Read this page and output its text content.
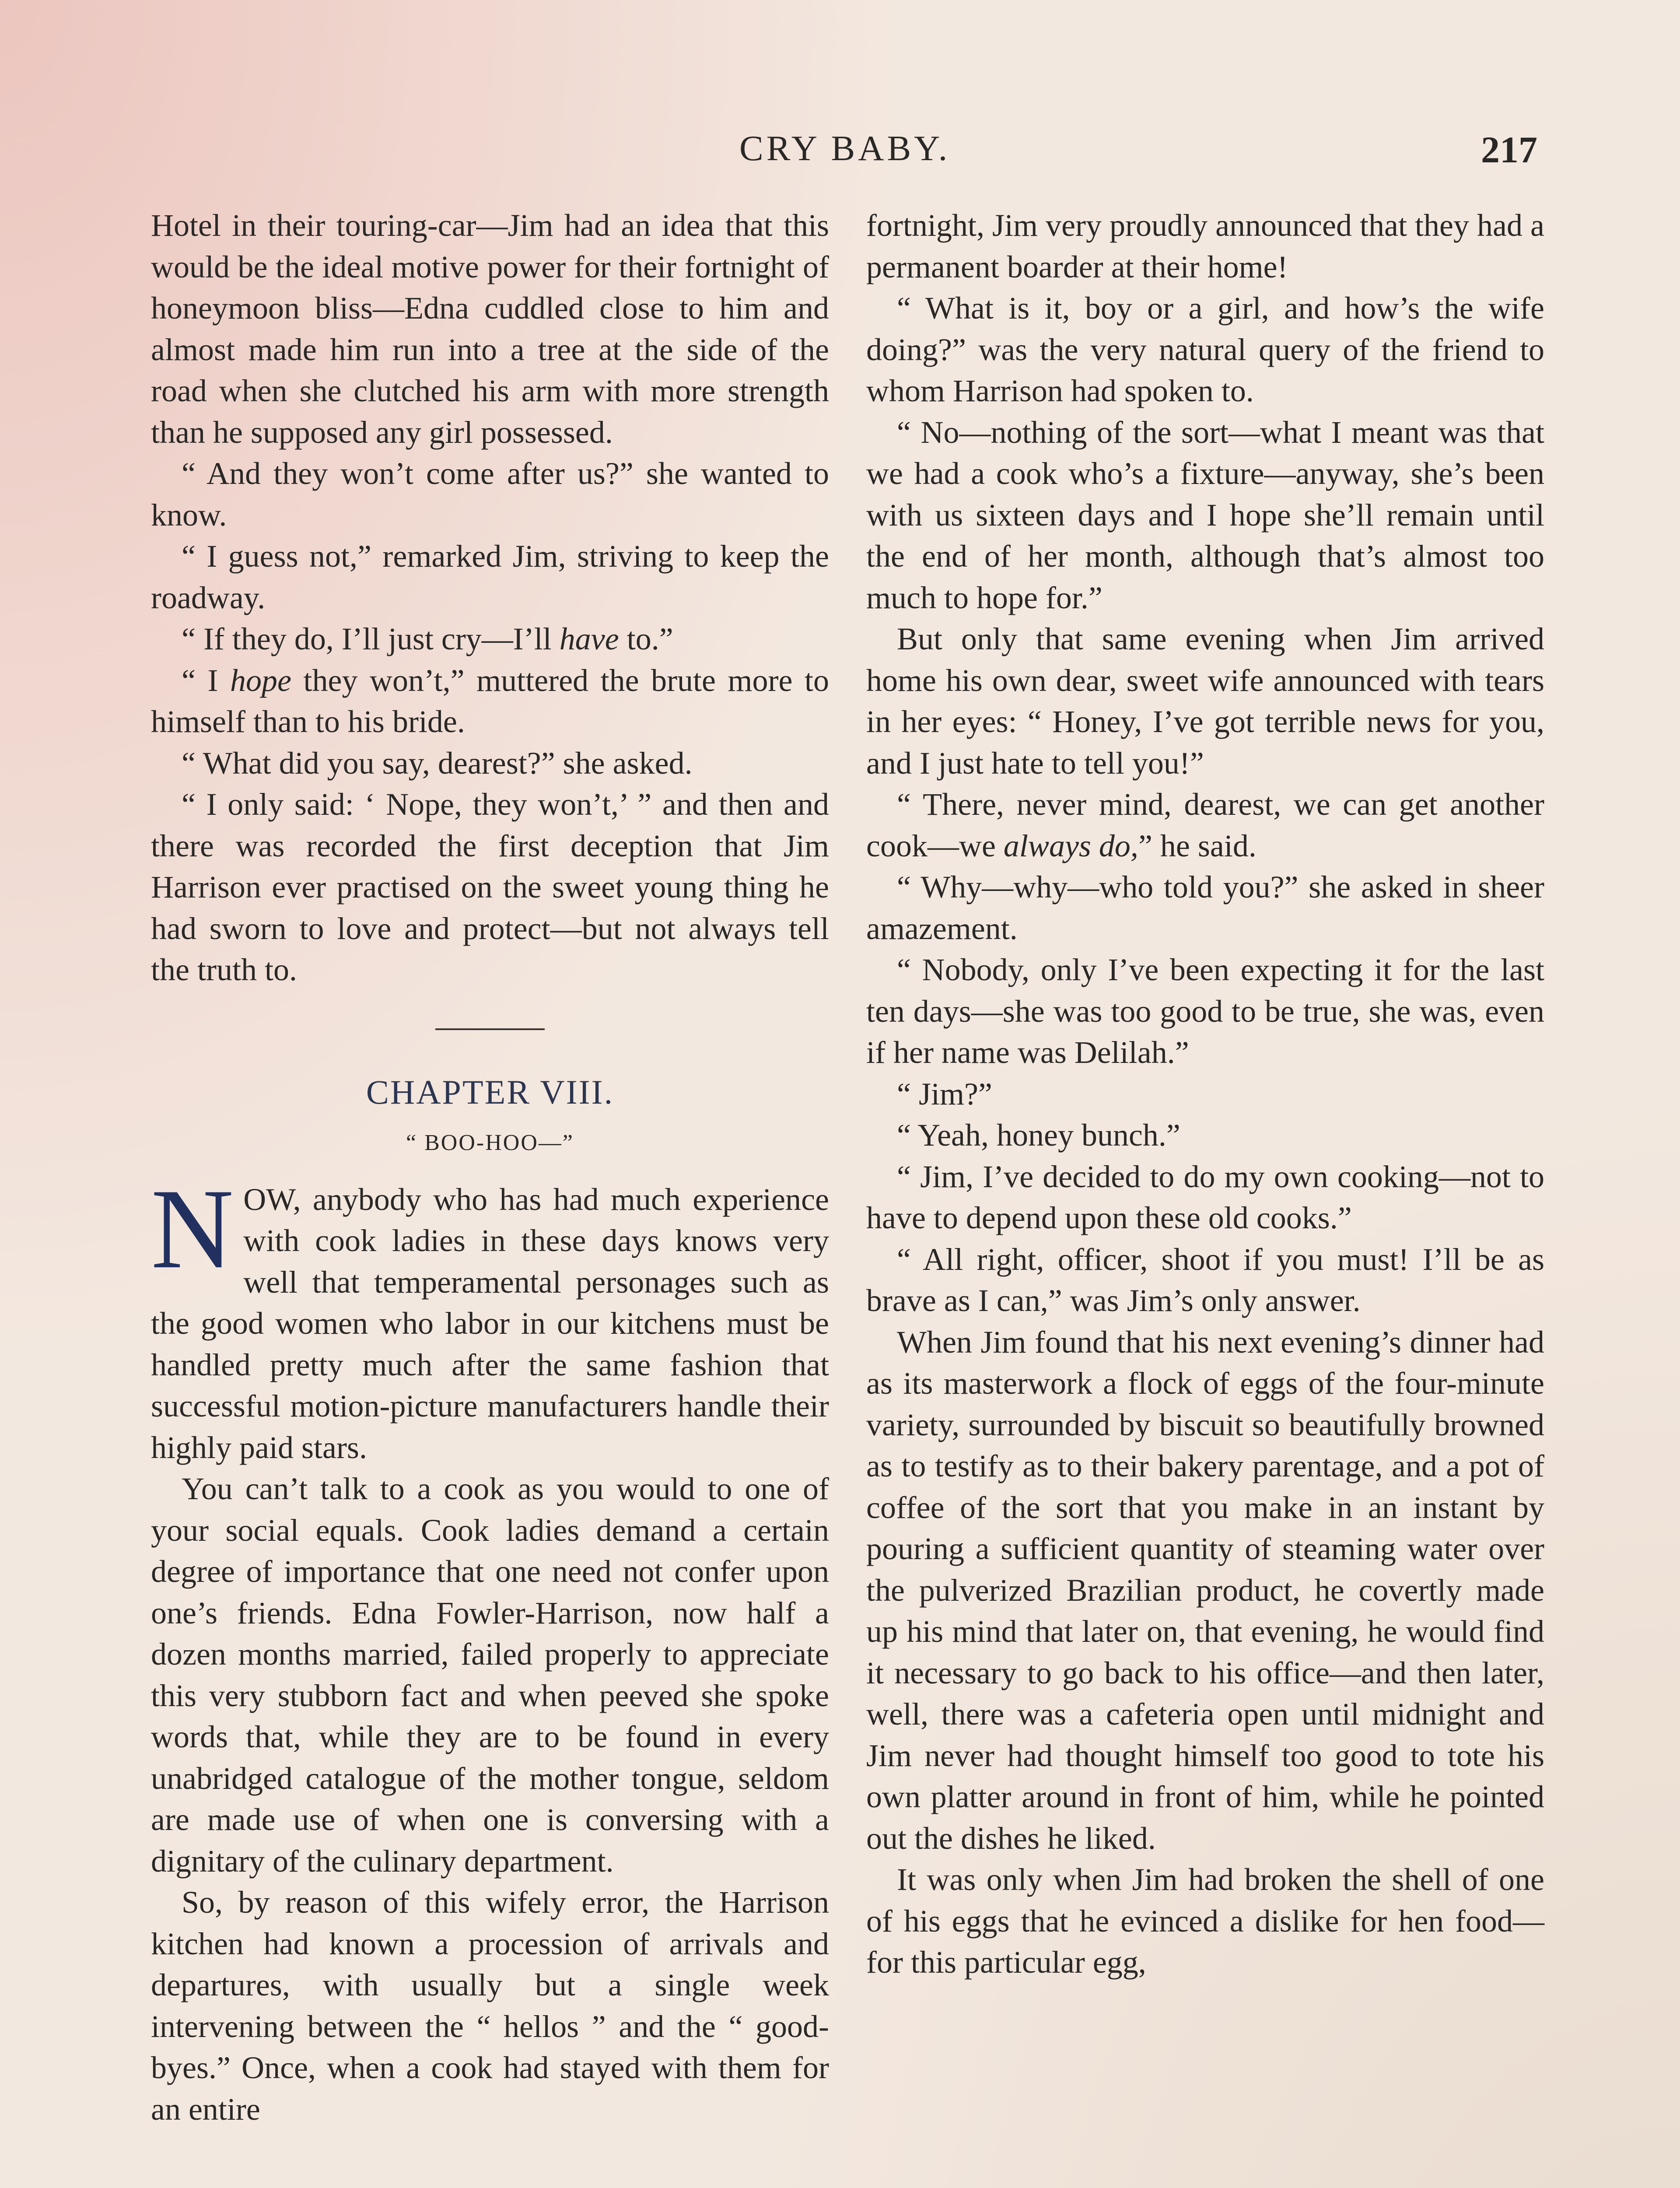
CRY BABY.	217

Hotel in their touring-car—Jim had an idea that this would be the ideal motive power for their fortnight of honeymoon bliss—Edna cuddled close to him and almost made him run into a tree at the side of the road when she clutched his arm with more strength than he supposed any girl possessed.

“ And they won’t come after us?” she wanted to know.

“ I guess not,” remarked Jim, striving to keep the roadway.

“ If they do, I’ll just cry—I’ll have to.”

“ I hope they won’t,” muttered the brute more to himself than to his bride.

“ What did you say, dearest?” she asked.

“ I only said: ‘ Nope, they won’t,’ ” and then and there was recorded the first deception that Jim Harrison ever practised on the sweet young thing he had sworn to love and protect—but not always tell the truth to.

CHAPTER VIII.
“ BOO-HOO—”
N OW, anybody who has had much experience with cook ladies in these days knows very well that temperamental personages such as the good women who labor in our kitchens must be handled pretty much after the same fashion that successful motion-picture manufacturers handle their highly paid stars.

You can’t talk to a cook as you would to one of your social equals. Cook ladies demand a certain degree of importance that one need not confer upon one’s friends. Edna Fowler-Harrison, now half a dozen months married, failed properly to appreciate this very stubborn fact and when peeved she spoke words that, while they are to be found in every unabridged catalogue of the mother tongue, seldom are made use of when one is conversing with a dignitary of the culinary department.

So, by reason of this wifely error, the Harrison kitchen had known a procession of arrivals and departures, with usually but a single week intervening between the “ hellos ” and the “ good-byes.” Once, when a cook had stayed with them for an entire

fortnight, Jim very proudly announced that they had a permanent boarder at their home!

“ What is it, boy or a girl, and how’s the wife doing?” was the very natural query of the friend to whom Harrison had spoken to.

“ No—nothing of the sort—what I meant was that we had a cook who’s a fixture—anyway, she’s been with us sixteen days and I hope she’ll remain until the end of her month, although that’s almost too much to hope for.”

But only that same evening when Jim arrived home his own dear, sweet wife announced with tears in her eyes: “ Honey, I’ve got terrible news for you, and I just hate to tell you!”

“ There, never mind, dearest, we can get another cook—we always do,” he said.

“ Why—why—who told you?” she asked in sheer amazement.

“ Nobody, only I’ve been expecting it for the last ten days—she was too good to be true, she was, even if her name was Delilah.”

“ Jim?”

“ Yeah, honey bunch.”

“ Jim, I’ve decided to do my own cooking—not to have to depend upon these old cooks.”

“ All right, officer, shoot if you must! I’ll be as brave as I can,” was Jim’s only answer.

When Jim found that his next evening’s dinner had as its masterwork a flock of eggs of the four-minute variety, surrounded by biscuit so beautifully browned as to testify as to their bakery parentage, and a pot of coffee of the sort that you make in an instant by pouring a sufficient quantity of steaming water over the pulverized Brazilian product, he covertly made up his mind that later on, that evening, he would find it necessary to go back to his office—and then later, well, there was a cafeteria open until midnight and Jim never had thought himself too good to tote his own platter around in front of him, while he pointed out the dishes he liked.

It was only when Jim had broken the shell of one of his eggs that he evinced a dislike for hen food—for this particular egg,
